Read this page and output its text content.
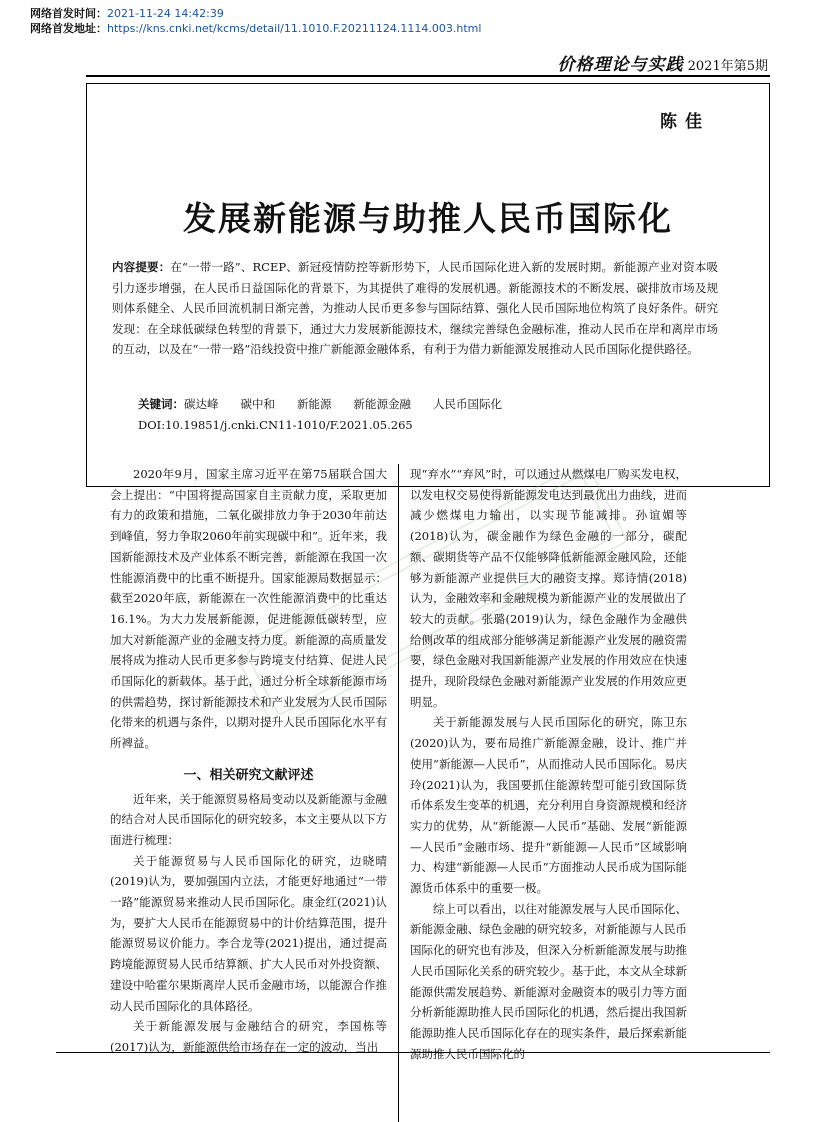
网络首发时间：2021-11-24 14:42:39
网络首发地址：https://kns.cnki.net/kcms/detail/11.1010.F.20211124.1114.003.html
价格理论与实践 2021年第5期
陈佳
发展新能源与助推人民币国际化
内容提要：在“一带一路”、RCEP、新冠疫情防控等新形势下，人民币国际化进入新的发展时期。新能源产业对资本吸引力逐步增强，在人民币日益国际化的背景下，为其提供了难得的发展机遇。新能源技术的不断发展、碳排放市场及规则体系健全、人民币回流机制日渐完善，为推动人民币更多参与国际结算、强化人民币国际地位构筑了良好条件。研究发现：在全球低碳绿色转型的背景下，通过大力发展新能源技术，继续完善绿色金融标准，推动人民币在岸和离岸市场的互动，以及在“一带一路”沿线投资中推广新能源金融体系，有利于为借力新能源发展推动人民币国际化提供路径。
关键词：碳达峰 碳中和 新能源 新能源金融 人民币国际化
DOI:10.19851/j.cnki.CN11-1010/F.2021.05.265

2020年9月，国家主席习近平在第75届联合国大会上提出：“中国将提高国家自主贡献力度，采取更加有力的政策和措施，二氧化碳排放力争于2030年前达到峰值，努力争取2060年前实现碳中和”。近年来，我国新能源技术及产业体系不断完善，新能源在我国一次性能源消费中的比重不断提升。国家能源局数据显示：截至2020年底，新能源在一次性能源消费中的比重达16.1%。为大力发展新能源，促进能源低碳转型，应加大对新能源产业的金融支持力度。新能源的高质量发展将成为推动人民币更多参与跨境支付结算、促进人民币国际化的新载体。基于此，通过分析全球新能源市场的供需趋势，探讨新能源技术和产业发展为人民币国际化带来的机遇与条件，以期对提升人民币国际化水平有所裨益。

一、相关研究文献评述

近年来，关于能源贸易格局变动以及新能源与金融的结合对人民币国际化的研究较多，本文主要从以下方面进行梳理：

关于能源贸易与人民币国际化的研究，边晓晴(2019)认为，要加强国内立法，才能更好地通过“一带一路”能源贸易来推动人民币国际化。康金红(2021)认为，要扩大人民币在能源贸易中的计价结算范围，提升能源贸易议价能力。李合龙等(2021)提出，通过提高跨境能源贸易人民币结算额、扩大人民币对外投资额、建设中哈霍尔果斯离岸人民币金融市场，以能源合作推动人民币国际化的具体路径。

关于新能源发展与金融结合的研究，李国栋等(2017)认为，新能源供给市场存在一定的波动，当出

现“弃水”“弃风”时，可以通过从燃煤电厂购买发电权，以发电权交易使得新能源发电达到最优出力曲线，进而减少燃煤电力输出，以实现节能减排。孙谊媚等(2018)认为，碳金融作为绿色金融的一部分，碳配额、碳期货等产品不仅能够降低新能源金融风险，还能够为新能源产业提供巨大的融资支撑。郑诗情(2018)认为，金融效率和金融规模为新能源产业的发展做出了较大的贡献。张璐(2019)认为，绿色金融作为金融供给侧改革的组成部分能够满足新能源产业发展的融资需要，绿色金融对我国新能源产业发展的作用效应在快速提升，现阶段绿色金融对新能源产业发展的作用效应更明显。

关于新能源发展与人民币国际化的研究，陈卫东(2020)认为，要布局推广新能源金融，设计、推广并使用“新能源—人民币”，从而推动人民币国际化。易庆玲(2021)认为，我国要抓住能源转型可能引致国际货币体系发生变革的机遇，充分利用自身资源规模和经济实力的优势，从“新能源—人民币”基础、发展“新能源—人民币”金融市场、提升“新能源—人民币”区域影响力、构建“新能源—人民币”方面推动人民币成为国际能源货币体系中的重要一极。

综上可以看出，以往对能源发展与人民币国际化、新能源金融、绿色金融的研究较多，对新能源与人民币国际化的研究也有涉及，但深入分析新能源发展与助推人民币国际化关系的研究较少。基于此，本文从全球新能源供需发展趋势、新能源对金融资本的吸引力等方面分析新能源助推人民币国际化的机遇，然后提出我国新能源助推人民币国际化存在的现实条件，最后探索新能源助推人民币国际化的
